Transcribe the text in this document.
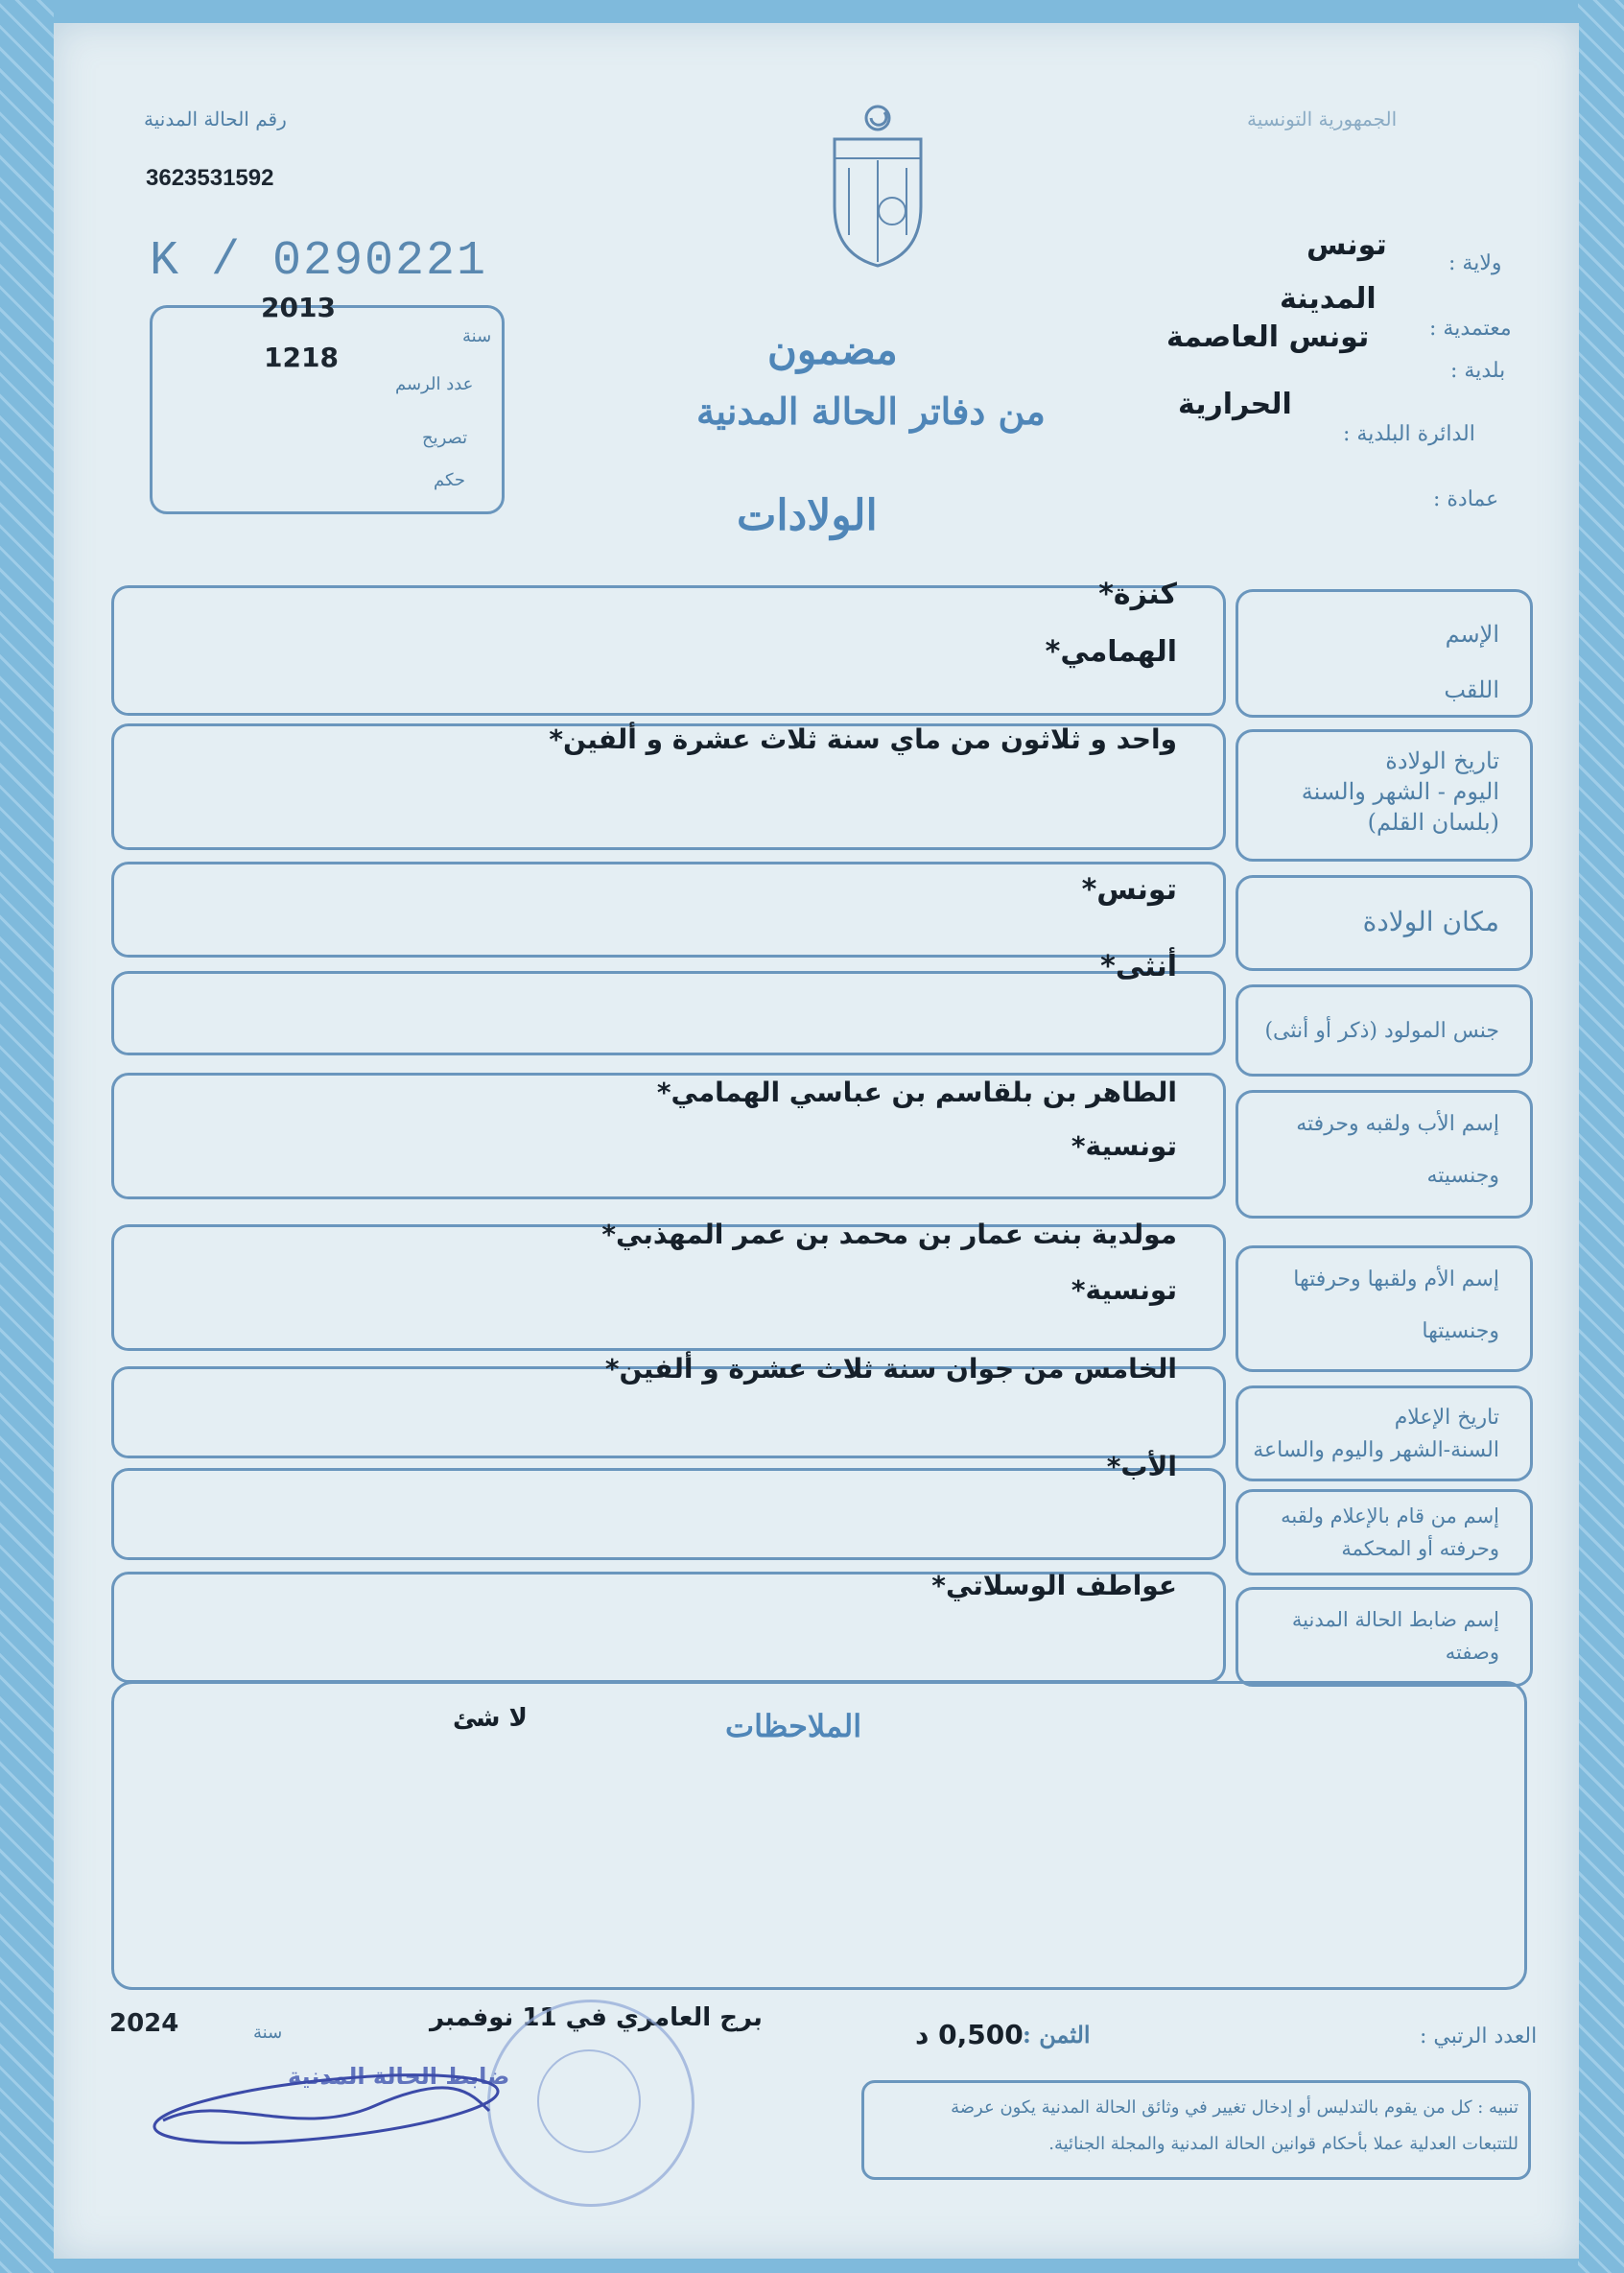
رقم الحالة المدنية
3623531592
K / 0290221
الجمهورية التونسية
2013
1218
سنة
عدد الرسم
تصريح
حكم
مضمون
من دفاتر الحالة المدنية
الولادات
ولاية :
تونس
معتمدية :
المدينة
بلدية :
تونس العاصمة
الدائرة البلدية :
الحرارية
عمادة :
الإسم
اللقب
تاريخ الولادة
اليوم - الشهر والسنة
(بلسان القلم)
مكان الولادة
جنس المولود (ذكر أو أنثى)
إسم الأب ولقبه وحرفته
وجنسيته
إسم الأم ولقبها وحرفتها
وجنسيتها
تاريخ الإعلام
السنة-الشهر واليوم والساعة
إسم من قام بالإعلام ولقبه
وحرفته أو المحكمة
إسم ضابط الحالة المدنية
وصفته
كنزة*
الهمامي*
واحد و ثلاثون من ماي سنة ثلاث عشرة و ألفين*
تونس*
أنثى*
الطاهر بن بلقاسم بن عباسي الهمامي*
تونسية*
مولدية بنت عمار بن محمد بن عمر المهذبي*
تونسية*
الخامس من جوان سنة ثلاث عشرة و ألفين*
الأب*
عواطف الوسلاتي*
الملاحظات
لا شئ
العدد الرتبي :
الثمن :
0,500 د
برج العامري في 11 نوفمبر
2024	سنة
تنبيه : كل من يقوم بالتدليس أو إدخال تغيير في وثائق الحالة المدنية يكون عرضة
للتتبعات العدلية عملا بأحكام قوانين الحالة المدنية والمجلة الجنائية.
ضابط الحالة المدنية
